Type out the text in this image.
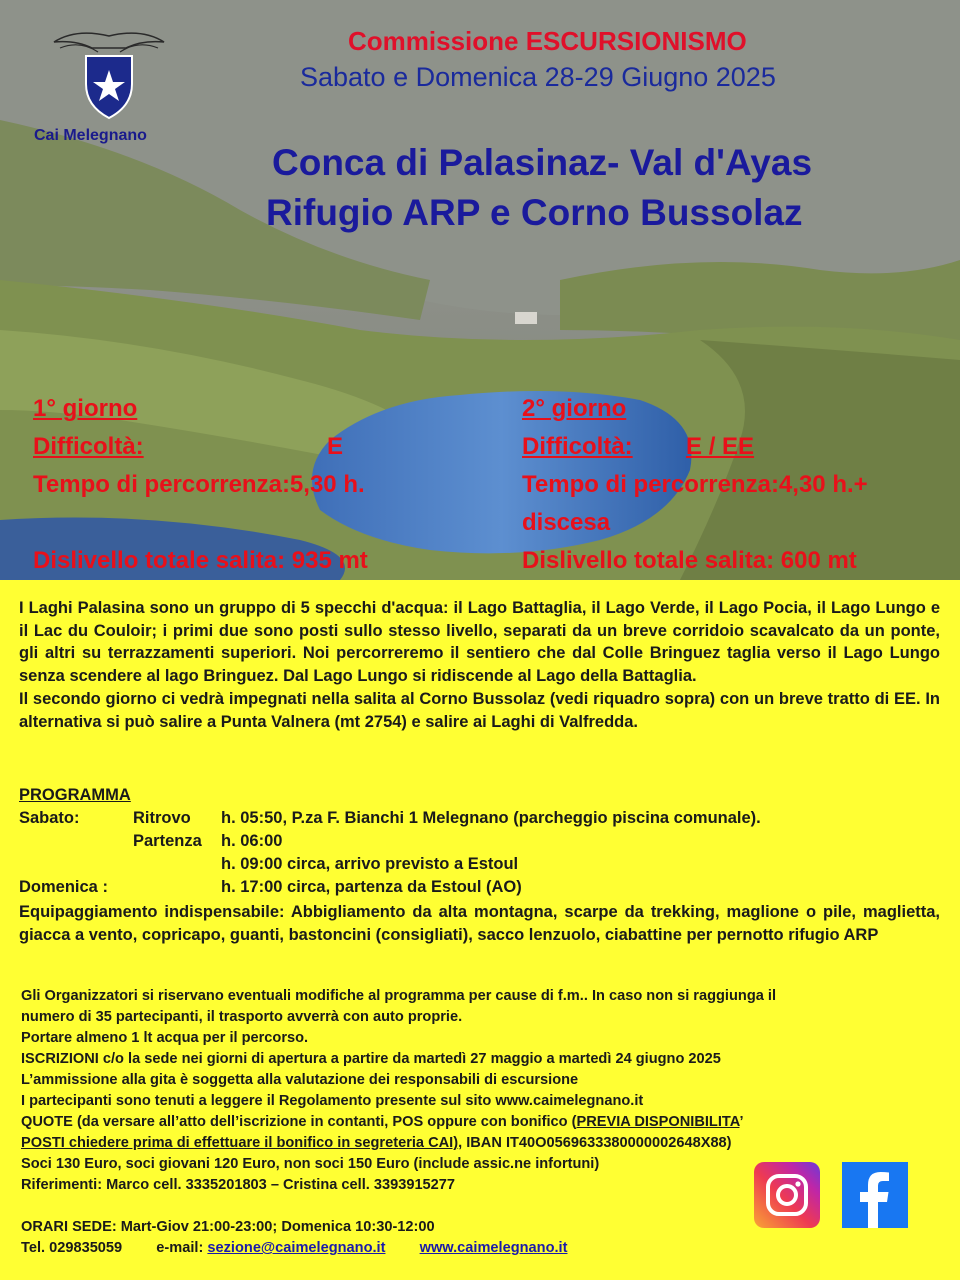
Cai Melegnano
Commissione ESCURSIONISMO
Sabato e Domenica 28-29 Giugno 2025
Conca di Palasinaz- Val d'Ayas
Rifugio ARP e Corno Bussolaz
1° giorno
Difficoltà:	E
Tempo di percorrenza:5,30 h.
Dislivello totale salita: 935 mt
2° giorno
Difficoltà: E / EE
Tempo di percorrenza:4,30 h.+
discesa
Dislivello totale salita: 600 mt

I Laghi Palasina sono un gruppo di 5 specchi d'acqua: il Lago Battaglia, il Lago Verde, il Lago Pocia, il Lago Lungo e il Lac du Couloir; i primi due sono posti sullo stesso livello, separati da un breve corridoio scavalcato da un ponte, gli altri su terrazzamenti superiori. Noi percorreremo il sentiero che dal Colle Bringuez taglia verso il Lago Lungo senza scendere al lago Bringuez. Dal Lago Lungo si ridiscende al Lago della Battaglia.

Il secondo giorno ci vedrà impegnati nella salita al Corno Bussolaz (vedi riquadro sopra) con un breve tratto di EE. In alternativa si può salire a Punta Valnera (mt 2754) e salire ai Laghi di Valfredda.

PROGRAMMA
Sabato:	Ritrovo h. 05:50, P.za F. Bianchi 1 Melegnano (parcheggio piscina comunale).
Partenza h. 06:00
h. 09:00 circa, arrivo previsto a Estoul
Domenica :	h. 17:00 circa, partenza da Estoul (AO)
Equipaggiamento indispensabile: Abbigliamento da alta montagna, scarpe da trekking, maglione o pile, maglietta, giacca a vento, copricapo, guanti, bastoncini (consigliati), sacco lenzuolo, ciabattine per pernotto rifugio ARP
Gli Organizzatori si riservano eventuali modifiche al programma per cause di f.m.. In caso non si raggiunga il
numero di 35 partecipanti, il trasporto avverrà con auto proprie.
Portare almeno 1 lt acqua per il percorso.
ISCRIZIONI c/o la sede nei giorni di apertura a partire da martedì 27 maggio a martedì 24 giugno 2025
L’ammissione alla gita è soggetta alla valutazione dei responsabili di escursione
I partecipanti sono tenuti a leggere il Regolamento presente sul sito www.caimelegnano.it
QUOTE (da versare all’atto dell’iscrizione in contanti, POS oppure con bonifico (PREVIA DISPONIBILITA’
POSTI chiedere prima di effettuare il bonifico in segreteria CAI), IBAN IT40O0569633380000002648X88)
Soci 130 Euro, soci giovani 120 Euro, non soci 150 Euro (include assic.ne infortuni)
Riferimenti: Marco cell. 3335201803 – Cristina cell. 3393915277
ORARI SEDE: Mart-Giov 21:00-23:00; Domenica 10:30-12:00
Tel. 029835059 e-mail: sezione@caimelegnano.it www.caimelegnano.it
